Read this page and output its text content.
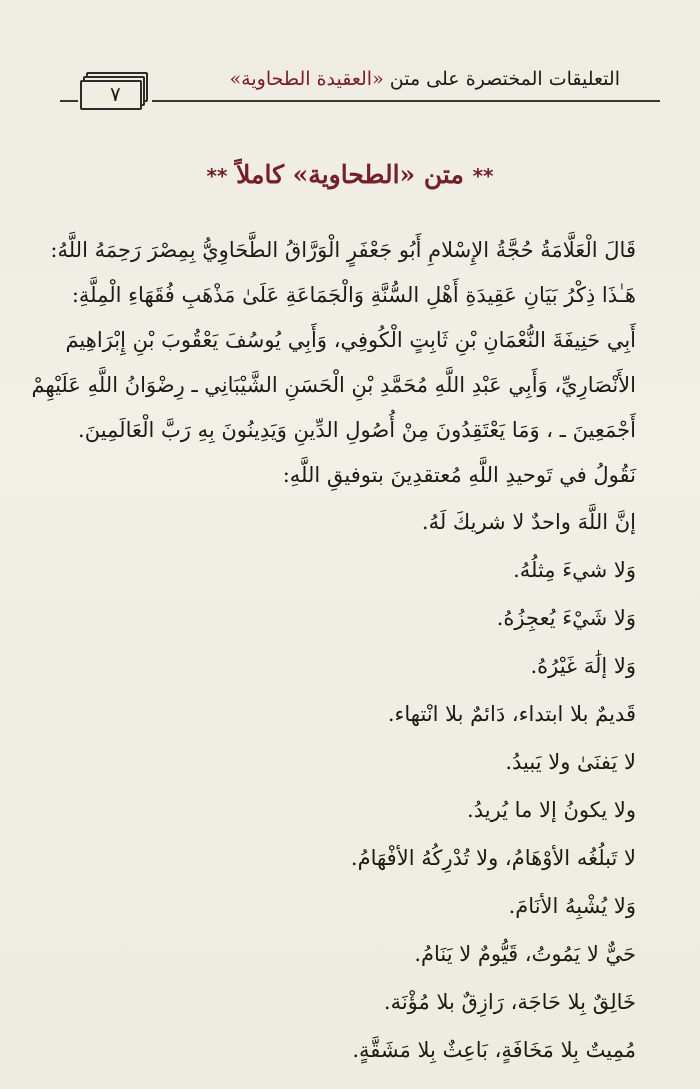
التعليقات المختصرة على متن «العقيدة الطحاوية»
٧
** متن «الطحاوية» كاملاً **
قَالَ الْعَلَّامَةُ حُجَّةُ الإِسْلامِ أَبُو جَعْفَرٍ الْوَرَّاقُ الطَّحَاوِيُّ بِمِصْرَ رَحِمَهُ اللَّهُ:
هَـٰذَا ذِكْرُ بَيَانِ عَقِيدَةِ أَهْلِ السُّنَّةِ وَالْجَمَاعَةِ عَلَىٰ مَذْهَبِ فُقَهَاءِ الْمِلَّةِ:
أَبِي حَنِيفَةَ النُّعْمَانِ بْنِ ثَابِتٍ الْكُوفِي، وَأَبِي يُوسُفَ يَعْقُوبَ بْنِ إِبْرَاهِيمَ
الأَنْصَارِيِّ، وَأَبِي عَبْدِ اللَّهِ مُحَمَّدِ بْنِ الْحَسَنِ الشَّيْبَانِي ـ رِضْوَانُ اللَّهِ عَلَيْهِمْ
أَجْمَعِينَ ـ ، وَمَا يَعْتَقِدُونَ مِنْ أُصُولِ الدِّينِ وَيَدِينُونَ بِهِ رَبَّ الْعَالَمِينَ.
نَقُولُ في تَوحيدِ اللَّهِ مُعتقدِينَ بتوفيقِ اللَّهِ:
إنَّ اللَّهَ واحدٌ لا شريكَ لَهُ.
وَلا شيءَ مِثلُهُ.
وَلا شَيْءَ يُعجِزُهُ.
وَلا إلَٰهَ غَيْرُهُ.
قَديمٌ بلا ابتداء، دَائمٌ بلا انْتهاء.
لا يَفنَىٰ ولا يَبيدُ.
ولا يكونُ إلا ما يُريدُ.
لا تَبلُغُه الأوْهَامُ، ولا تُدْرِكُهُ الأفْهَامُ.
وَلا يُشْبِهُ الأنَامَ.
حَيٌّ لا يَمُوتُ، قَيُّومٌ لا يَنَامُ.
خَالِقٌ بِلا حَاجَة، رَازِقٌ بلا مُؤْنَة.
مُمِيتٌ بِلا مَخَافَةٍ، بَاعِثٌ بِلا مَشَقَّةٍ.
